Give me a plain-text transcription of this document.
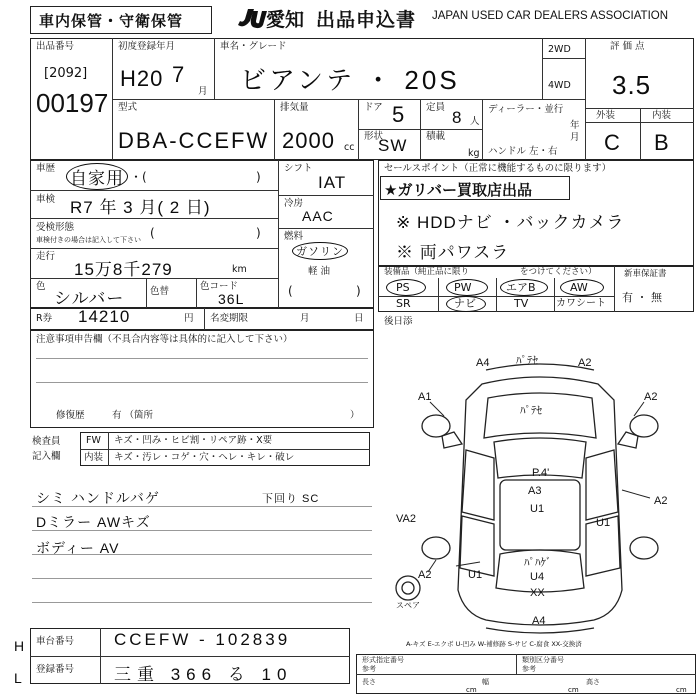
車内保管・守衛保管	愛知 出品申込書 JAPAN USED CAR DEALERS ASSOCIATION
出品番号
[2092]
00197
初度登録年月
H20 7
月
車名・グレード
ビアンテ ・ 20S
2WD
4WD
評価点
3.5
外装	内装
C B
型式
DBA-CCEFW
排気量
2000 cc
ドア 5 定員
8 人
形状
SW 積載
kg
ディーラー・並行
年
月
ハンドル 左・右
車歴
自家用 ・(	)
車検 R7 年 3 月( 2 日)
受検形態
車検付きの場合は記入して下さい (	)
走行
15万8千279	km
色
シルバー	色替	色コード
36L
シフト
IAT
冷房
AAC
燃料
ガソリン
軽 油
(	)
セールスポイント（正常に機能するものに限ります）
★ガリバー買取店出品
※ HDDナビ ・バックカメラ
※ 両パワスラ
装備品（純正品に限り	をつけてください）
PS	PW	エアB	AW
SR	ナビ	TV	カワシート
新車保証書
有 ・ 無
R券 14210	円 名変期限	月	日
注意事項申告欄（不具合内容等は具体的に記入して下さい）
修復歴	有 （箇所	）
後日添
検査員
記入欄
FW キズ・凹み・ヒビ割・リペア跡・X要
内装 キズ・汚レ・コゲ・穴・ヘレ・キレ・破レ
シミ ハンドルバゲ	下回り SC
Dミラー AWキズ
ボディー AV
A4 ﾊﾟﾃｾ	A2
ﾊﾟﾃｾ
A1	A2
P.4'
A3
U1
A2
VA2	U1
A2	U1
ﾊﾟﾊｹﾞ
U4
XX
A4
スペア
A-キズ E-エクボ U-凹み W-補修跡 S-サビ C-腐食 XX-交換済
車台番号 CCEFW - 102839
登録番号 三重 366 る 10
H
L
形式指定番号
参考
類別区分番号
参考
長さ
cm
幅
cm
高さ
cm
